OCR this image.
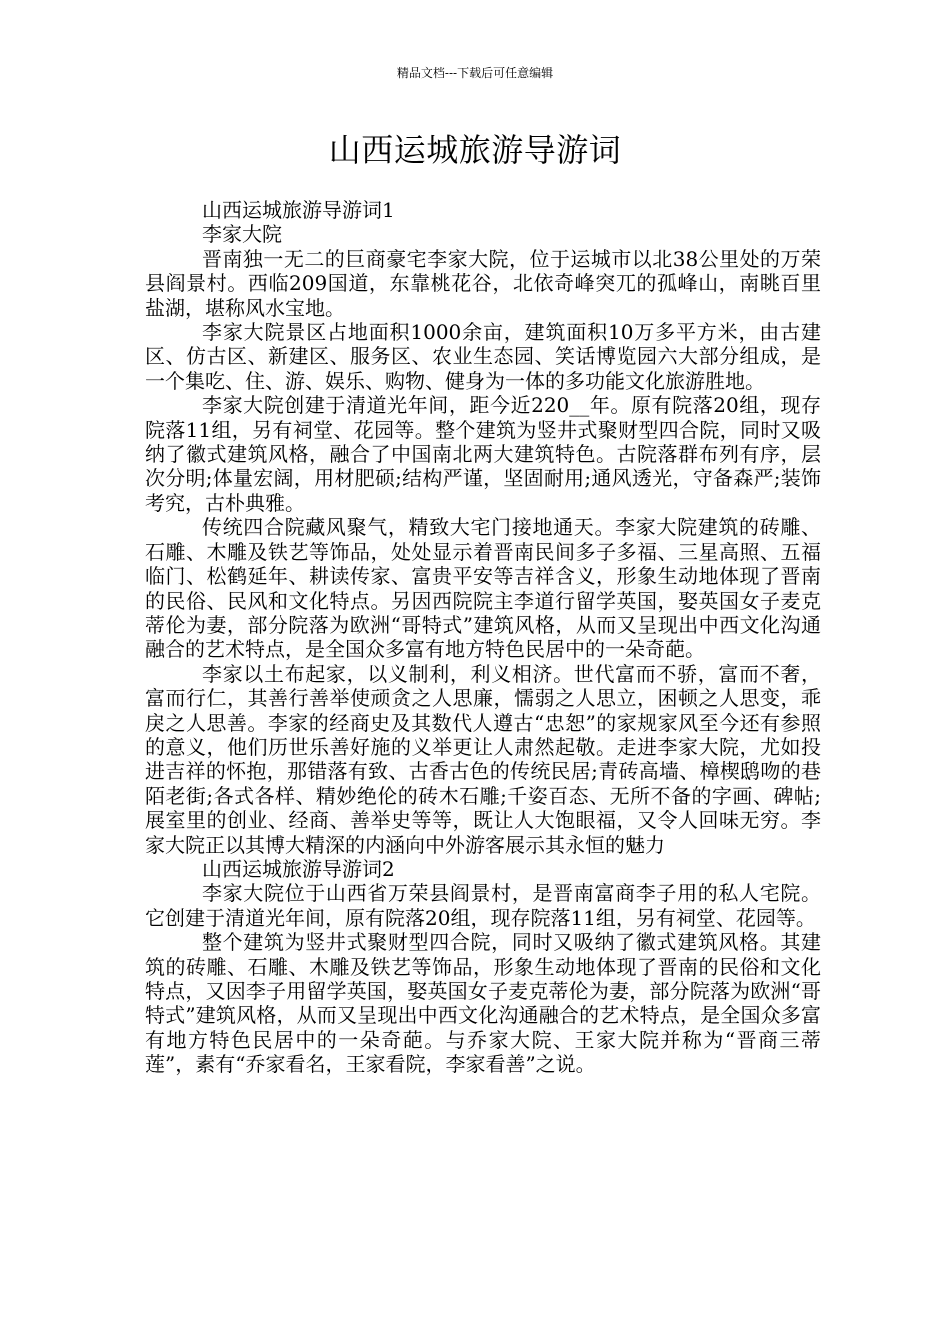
精品文档---下载后可任意编辑
山西运城旅游导游词

山西运城旅游导游词1

李家大院

晋南独一无二的巨商豪宅李家大院，位于运城市以北38公里处的万荣县阎景村。西临209国道，东靠桃花谷，北依奇峰突兀的孤峰山，南眺百里盐湖，堪称风水宝地。

李家大院景区占地面积1000余亩，建筑面积10万多平方米，由古建区、仿古区、新建区、服务区、农业生态园、笑话博览园六大部分组成，是一个集吃、住、游、娱乐、购物、健身为一体的多功能文化旅游胜地。

李家大院创建于清道光年间，距今近220__年。原有院落20组，现存院落11组，另有祠堂、花园等。整个建筑为竖井式聚财型四合院，同时又吸纳了徽式建筑风格，融合了中国南北两大建筑特色。古院落群布列有序，层次分明;体量宏阔，用材肥硕;结构严谨，坚固耐用;通风透光，守备森严;装饰考究，古朴典雅。

传统四合院藏风聚气，精致大宅门接地通天。李家大院建筑的砖雕、石雕、木雕及铁艺等饰品，处处显示着晋南民间多子多福、三星高照、五福临门、松鹤延年、耕读传家、富贵平安等吉祥含义，形象生动地体现了晋南的民俗、民风和文化特点。另因西院院主李道行留学英国，娶英国女子麦克蒂伦为妻，部分院落为欧洲“哥特式”建筑风格，从而又呈现出中西文化沟通融合的艺术特点，是全国众多富有地方特色民居中的一朵奇葩。

李家以土布起家，以义制利，利义相济。世代富而不骄，富而不奢，富而行仁，其善行善举使顽贪之人思廉，懦弱之人思立，困顿之人思变，乖戾之人思善。李家的经商史及其数代人遵古“忠恕”的家规家风至今还有参照的意义，他们历世乐善好施的义举更让人肃然起敬。走进李家大院，尤如投进吉祥的怀抱，那错落有致、古香古色的传统民居;青砖高墙、樟楔鸱吻的巷陌老街;各式各样、精妙绝伦的砖木石雕;千姿百态、无所不备的字画、碑帖;展室里的创业、经商、善举史等等，既让人大饱眼福，又令人回味无穷。李家大院正以其博大精深的内涵向中外游客展示其永恒的魅力

山西运城旅游导游词2

李家大院位于山西省万荣县阎景村，是晋南富商李子用的私人宅院。它创建于清道光年间，原有院落20组，现存院落11组，另有祠堂、花园等。

整个建筑为竖井式聚财型四合院，同时又吸纳了徽式建筑风格。其建筑的砖雕、石雕、木雕及铁艺等饰品，形象生动地体现了晋南的民俗和文化特点，又因李子用留学英国，娶英国女子麦克蒂伦为妻，部分院落为欧洲“哥特式”建筑风格，从而又呈现出中西文化沟通融合的艺术特点，是全国众多富有地方特色民居中的一朵奇葩。与乔家大院、王家大院并称为“晋商三蒂莲”，素有“乔家看名，王家看院，李家看善”之说。
